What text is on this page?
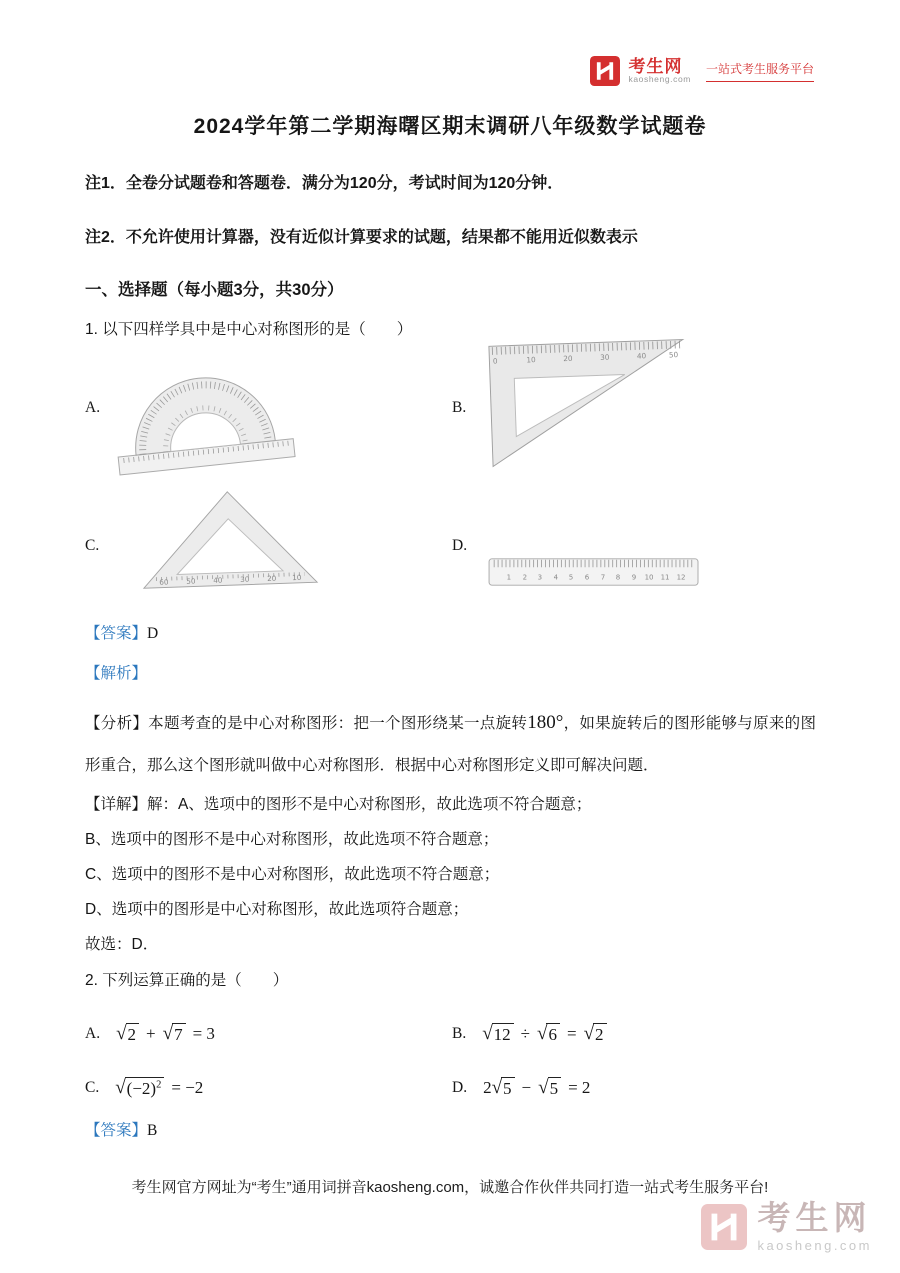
考生网
kaosheng.com
一站式考生服务平台
2024学年第二学期海曙区期末调研八年级数学试题卷
注1．全卷分试题卷和答题卷．满分为120分，考试时间为120分钟．
注2．不允许使用计算器，没有近似计算要求的试题，结果都不能用近似数表示
一、选择题（每小题3分，共30分）
1. 以下四样学具中是中心对称图形的是（　　）
A.	B.
0	10	20	30	40	50
C.
60 50 40 30 20 10
D.
1 2 3 4 5 6 7 8 9 10 11 12
【答案】D
【解析】

【分析】本题考查的是中心对称图形：把一个图形绕某一点旋转180°，如果旋转后的图形能够与原来的图形重合，那么这个图形就叫做中心对称图形．根据中心对称图形定义即可解决问题．

【详解】解：A、选项中的图形不是中心对称图形，故此选项不符合题意；
B、选项中的图形不是中心对称图形，故此选项不符合题意；
C、选项中的图形不是中心对称图形，故此选项不符合题意；
D、选项中的图形是中心对称图形，故此选项符合题意；
故选：D．
2. 下列运算正确的是（　　）
A. √ 2 + √ 7 = 3	B. √ 12 ÷ √ 6 = √ 2
C. √ $(-2)^2 = -2$	D. 2 √ 5 − √ 5 = 2
【答案】B
考生网官方网址为“考生”通用词拼音kaosheng.com，诚邀合作伙伴共同打造一站式考生服务平台!
考生网
kaosheng.com
